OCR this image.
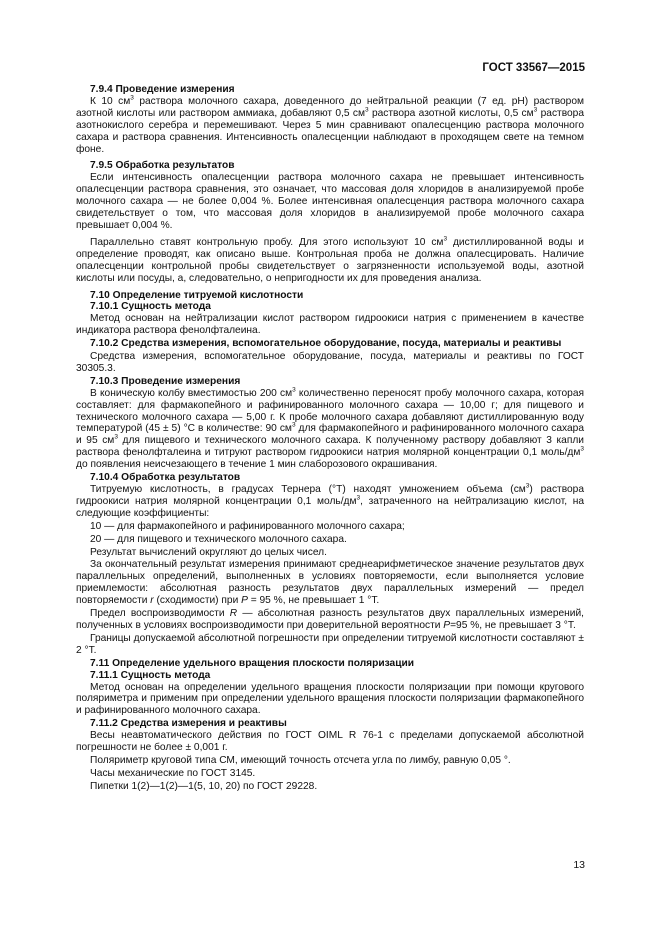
ГОСТ 33567—2015
7.9.4 Проведение измерения
К 10 $см^3$ раствора молочного сахара, доведенного до нейтральной реакции (7 ед. pH) раствором азотной кислоты или раствором аммиака, добавляют 0,5 $см^3$ раствора азотной кислоты, 0,5 $см^3$ раствора азотнокислого серебра и перемешивают. Через 5 мин сравнивают опалесценцию раствора молочного сахара и раствора сравнения. Интенсивность опалесценции наблюдают в проходящем свете на темном фоне.
7.9.5 Обработка результатов
Если интенсивность опалесценции раствора молочного сахара не превышает интенсивность опалесценции раствора сравнения, это означает, что массовая доля хлоридов в анализируемой пробе молочного сахара — не более 0,004 %. Более интенсивная опалесценция раствора молочного сахара свидетельствует о том, что массовая доля хлоридов в анализируемой пробе молочного сахара превышает 0,004 %.
Параллельно ставят контрольную пробу. Для этого используют 10 $см^3$ дистиллированной воды и определение проводят, как описано выше. Контрольная проба не должна опалесцировать. Наличие опалесценции контрольной пробы свидетельствует о загрязненности используемой воды, азотной кислоты или посуды, а, следовательно, о непригодности их для проведения анализа.
7.10 Определение титруемой кислотности
7.10.1 Сущность метода
Метод основан на нейтрализации кислот раствором гидроокиси натрия с применением в качестве индикатора раствора фенолфталеина.
7.10.2 Средства измерения, вспомогательное оборудование, посуда, материалы и реактивы
Средства измерения, вспомогательное оборудование, посуда, материалы и реактивы по ГОСТ 30305.3.
7.10.3 Проведение измерения
В коническую колбу вместимостью 200 $см^3$ количественно переносят пробу молочного сахара, которая составляет: для фармакопейного и рафинированного молочного сахара — 10,00 г; для пищевого и технического молочного сахара — 5,00 г. К пробе молочного сахара добавляют дистиллированную воду температурой (45 ± 5) °С в количестве: 90 $см^3$ для фармакопейного и рафинированного молочного сахара и 95 $см^3$ для пищевого и технического молочного сахара. К полученному раствору добавляют 3 капли раствора фенолфталеина и титруют раствором гидроокиси натрия молярной концентрации 0,1 моль/$дм^3$ до появления неисчезающего в течение 1 мин слаборозового окрашивания.
7.10.4 Обработка результатов
Титруемую кислотность, в градусах Тернера (°Т) находят умножением объема $(см^3)$ раствора гидроокиси натрия молярной концентрации 0,1 моль/$дм^3$, затраченного на нейтрализацию кислот, на следующие коэффициенты:
10 — для фармакопейного и рафинированного молочного сахара;
20 — для пищевого и технического молочного сахара.
Результат вычислений округляют до целых чисел.
За окончательный результат измерения принимают среднеарифметическое значение результатов двух параллельных определений, выполненных в условиях повторяемости, если выполняется условие приемлемости: абсолютная разность результатов двух параллельных измерений — предел повторяемости r (сходимости) при P = 95 %, не превышает 1 °Т.
Предел воспроизводимости R — абсолютная разность результатов двух параллельных измерений, полученных в условиях воспроизводимости при доверительной вероятности P=95 %, не превышает 3 °Т.
Границы допускаемой абсолютной погрешности при определении титруемой кислотности составляют ± 2 °Т.
7.11 Определение удельного вращения плоскости поляризации
7.11.1 Сущность метода
Метод основан на определении удельного вращения плоскости поляризации при помощи кругового поляриметра и применим при определении удельного вращения плоскости поляризации фармакопейного и рафинированного молочного сахара.
7.11.2 Средства измерения и реактивы
Весы неавтоматического действия по ГОСТ OIML R 76-1 с пределами допускаемой абсолютной погрешности не более ± 0,001 г.
Поляриметр круговой типа СМ, имеющий точность отсчета угла по лимбу, равную 0,05 °.
Часы механические по ГОСТ 3145.
Пипетки 1(2)—1(2)—1(5, 10, 20) по ГОСТ 29228.
13
